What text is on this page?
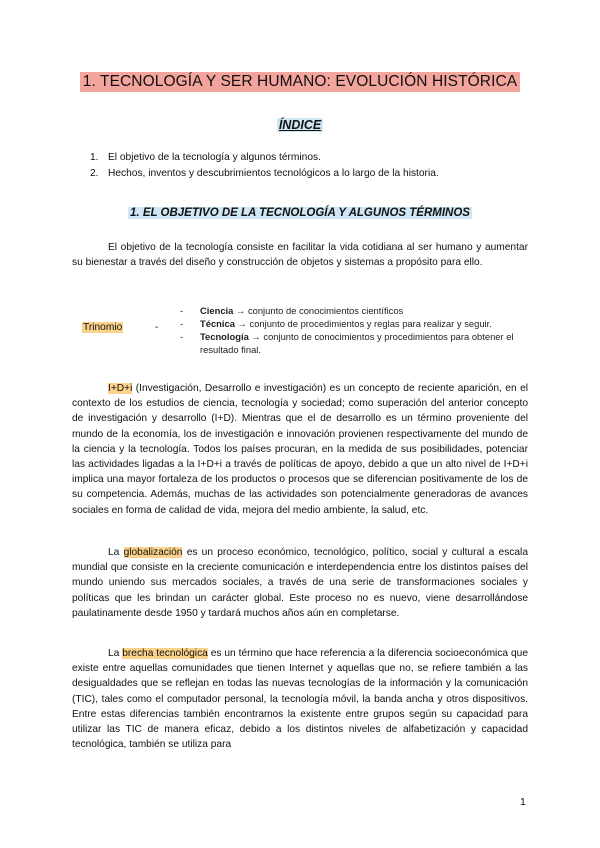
1. TECNOLOGÍA Y SER HUMANO: EVOLUCIÓN HISTÓRICA
ÍNDICE
1. El objetivo de la tecnología y algunos términos.
2. Hechos, inventos y descubrimientos tecnológicos a lo largo de la historia.
1. EL OBJETIVO DE LA TECNOLOGÍA Y ALGUNOS TÉRMINOS
El objetivo de la tecnología consiste en facilitar la vida cotidiana al ser humano y aumentar su bienestar a través del diseño y construcción de objetos y sistemas a propósito para ello.
Trinomio	-
-	Ciencia → conjunto de conocimientos científicos
-	Técnica → conjunto de procedimientos y reglas para realizar y seguir.
-	Tecnología → conjunto de conocimientos y procedimientos para obtener el resultado final.
I+D+i (Investigación, Desarrollo e investigación) es un concepto de reciente aparición, en el contexto de los estudios de ciencia, tecnología y sociedad; como superación del anterior concepto de investigación y desarrollo (I+D). Mientras que el de desarrollo es un término proveniente del mundo de la economía, los de investigación e innovación provienen respectivamente del mundo de la ciencia y la tecnología. Todos los países procuran, en la medida de sus posibilidades, potenciar las actividades ligadas a la I+D+i a través de políticas de apoyo, debido a que un alto nivel de I+D+i implica una mayor fortaleza de los productos o procesos que se diferencian positivamente de los de su competencia. Además, muchas de las actividades son potencialmente generadoras de avances sociales en forma de calidad de vida, mejora del medio ambiente, la salud, etc.
La globalización es un proceso económico, tecnológico, político, social y cultural a escala mundial que consiste en la creciente comunicación e interdependencia entre los distintos países del mundo uniendo sus mercados sociales, a través de una serie de transformaciones sociales y políticas que les brindan un carácter global. Este proceso no es nuevo, viene desarrollándose paulatinamente desde 1950 y tardará muchos años aún en completarse.
La brecha tecnológica es un término que hace referencia a la diferencia socioeconómica que existe entre aquellas comunidades que tienen Internet y aquellas que no, se refiere también a las desigualdades que se reflejan en todas las nuevas tecnologías de la información y la comunicación (TIC), tales como el computador personal, la tecnología móvil, la banda ancha y otros dispositivos. Entre estas diferencias también encontramos la existente entre grupos según su capacidad para utilizar las TIC de manera eficaz, debido a los distintos niveles de alfabetización y capacidad tecnológica, también se utiliza para
1
